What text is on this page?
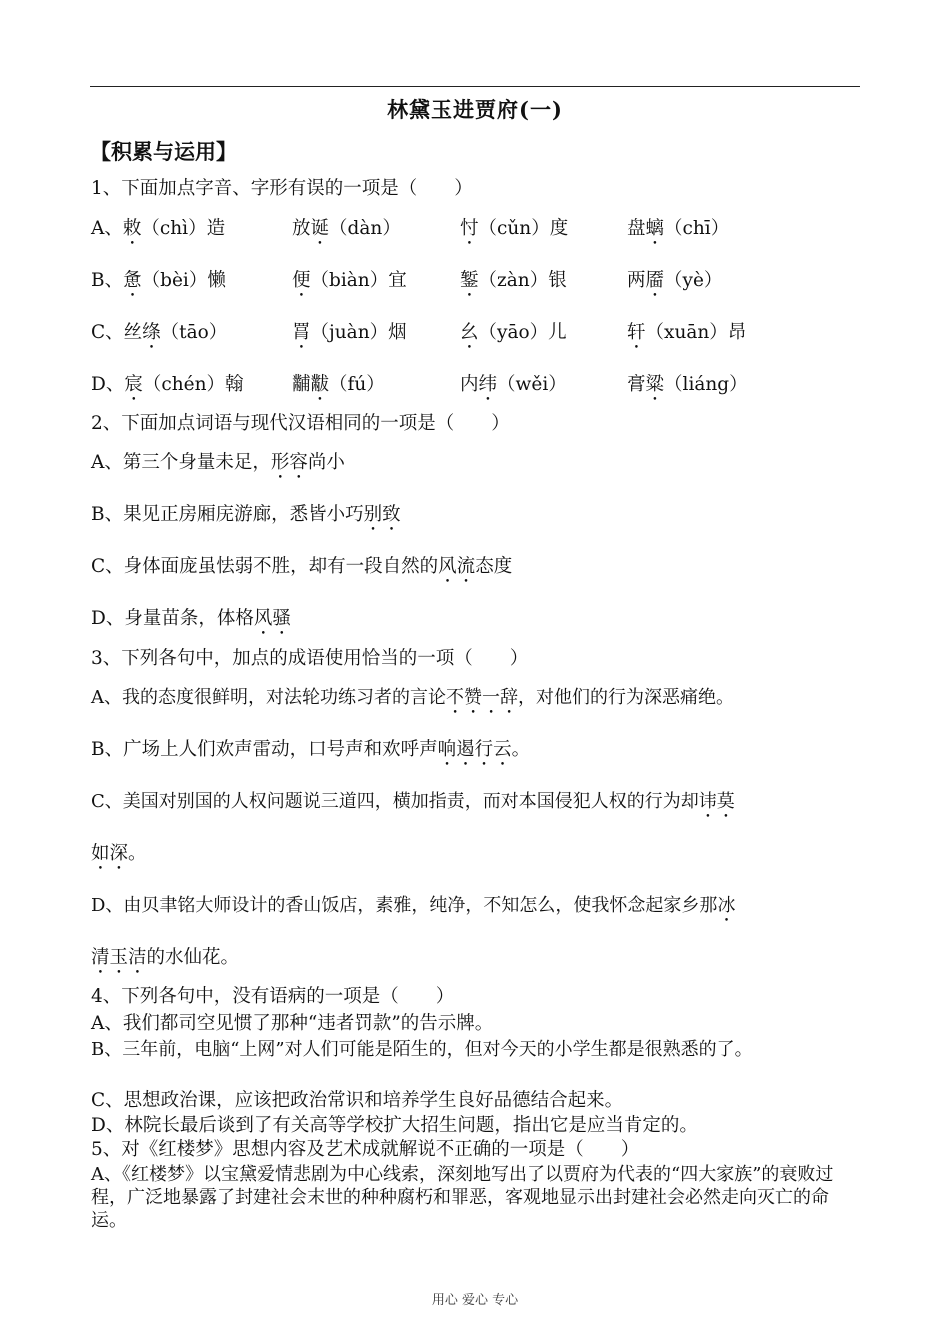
林黛玉进贾府(一)
【积累与运用】
1、下面加点字音、字形有误的一项是（　　）
A、敕（chì）造	放诞（dàn）	忖（cǔn）度	盘螭（chī）
B、惫（bèi）懒	便（biàn）宜	錾（zàn）银	两靥（yè）
C、丝绦（tāo）	罥（juàn）烟	幺（yāo）儿	轩（xuān）昂
D、宸（chén）翰	黼黻（fú）	内纬（wěi）	膏粱（liáng）
2、下面加点词语与现代汉语相同的一项是（　　）
A、第三个身量未足，形容尚小
B、果见正房厢庑游廊，悉皆小巧别致
C、身体面庞虽怯弱不胜，却有一段自然的风流态度
D、身量苗条，体格风骚
3、下列各句中，加点的成语使用恰当的一项（　　）
A、我的态度很鲜明，对法轮功练习者的言论不赞一辞，对他们的行为深恶痛绝。
B、广场上人们欢声雷动，口号声和欢呼声响遏行云。
C、美国对别国的人权问题说三道四，横加指责，而对本国侵犯人权的行为却讳莫
如深。
D、由贝聿铭大师设计的香山饭店，素雅，纯净，不知怎么，使我怀念起家乡那冰
清玉洁的水仙花。
4、下列各句中，没有语病的一项是（　　）
A、我们都司空见惯了那种“违者罚款”的告示牌。
B、三年前，电脑“上网”对人们可能是陌生的，但对今天的小学生都是很熟悉的了。
C、思想政治课，应该把政治常识和培养学生良好品德结合起来。
D、林院长最后谈到了有关高等学校扩大招生问题，指出它是应当肯定的。
5、对《红楼梦》思想内容及艺术成就解说不正确的一项是（　　）
A、《红楼梦》以宝黛爱情悲剧为中心线索，深刻地写出了以贾府为代表的“四大家族”的衰败过程，广泛地暴露了封建社会末世的种种腐朽和罪恶，客观地显示出封建社会必然走向灭亡的命运。
用心 爱心 专心
